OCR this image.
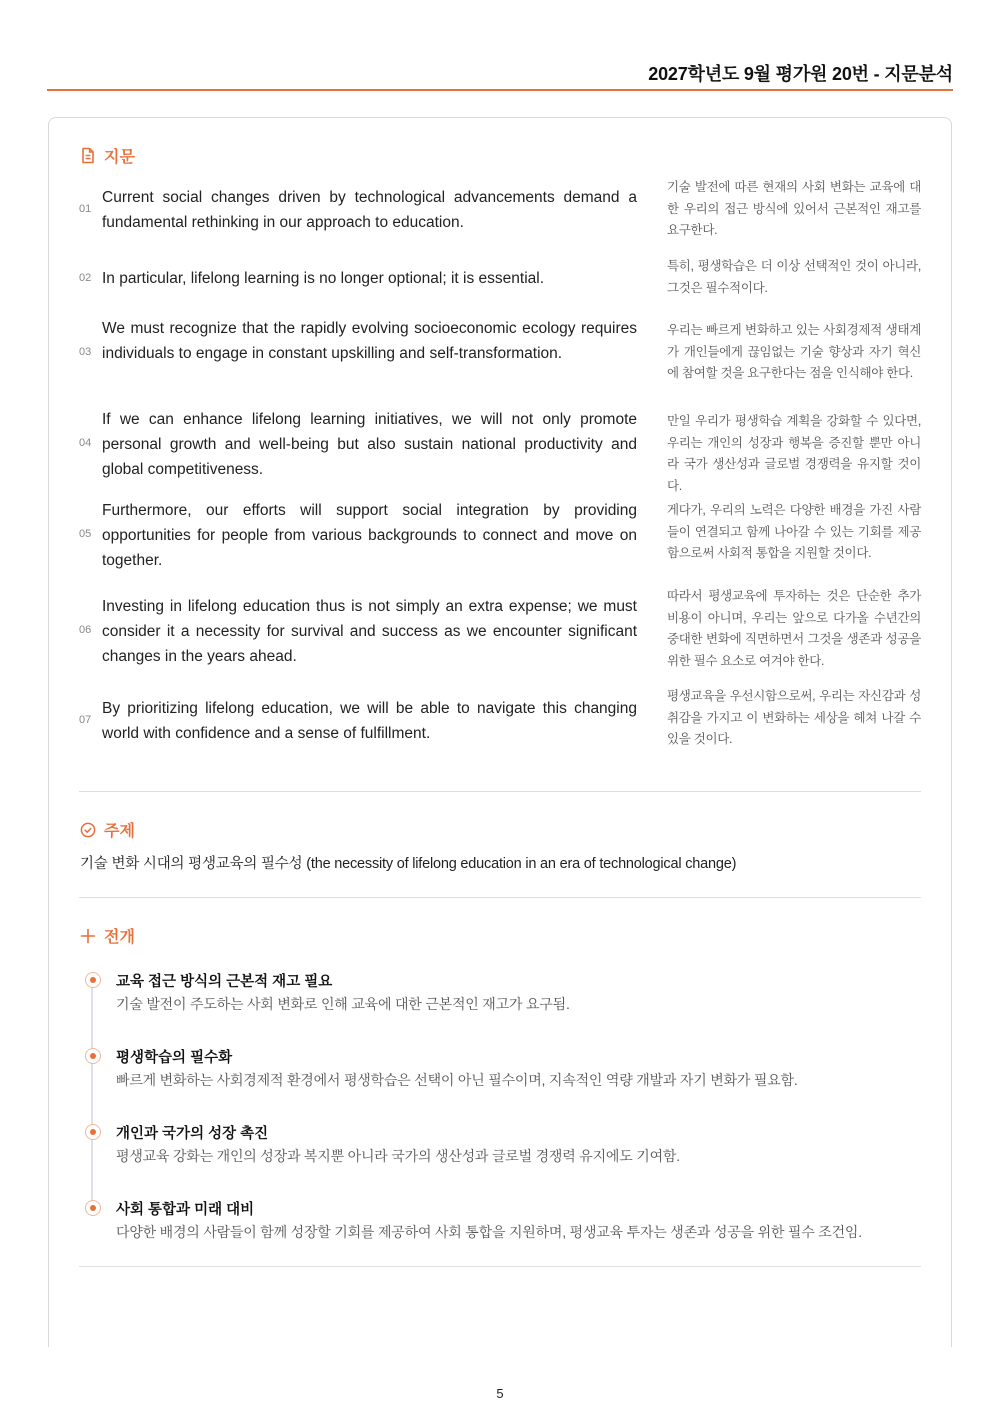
2027학년도 9월 평가원 20번 - 지문분석
지문
01
Current social changes driven by technological advancements demand a fundamental rethinking in our approach to education.
기술 발전에 따른 현재의 사회 변화는 교육에 대한 우리의 접근 방식에 있어서 근본적인 재고를 요구한다.
02 In particular, lifelong learning is no longer optional; it is essential.
특히, 평생학습은 더 이상 선택적인 것이 아니라, 그것은 필수적이다.
03
We must recognize that the rapidly evolving socioeconomic ecology requires individuals to engage in constant upskilling and self-transformation.
우리는 빠르게 변화하고 있는 사회경제적 생태계가 개인들에게 끊임없는 기술 향상과 자기 혁신에 참여할 것을 요구한다는 점을 인식해야 한다.
04
If we can enhance lifelong learning initiatives, we will not only promote personal growth and well-being but also sustain national productivity and global competitiveness.
만일 우리가 평생학습 계획을 강화할 수 있다면, 우리는 개인의 성장과 행복을 증진할 뿐만 아니라 국가 생산성과 글로벌 경쟁력을 유지할 것이다.
05
Furthermore, our efforts will support social integration by providing opportunities for people from various backgrounds to connect and move on together.
게다가, 우리의 노력은 다양한 배경을 가진 사람들이 연결되고 함께 나아갈 수 있는 기회를 제공함으로써 사회적 통합을 지원할 것이다.
06
Investing in lifelong education thus is not simply an extra expense; we must consider it a necessity for survival and success as we encounter significant changes in the years ahead.
따라서 평생교육에 투자하는 것은 단순한 추가 비용이 아니며, 우리는 앞으로 다가올 수년간의 중대한 변화에 직면하면서 그것을 생존과 성공을 위한 필수 요소로 여겨야 한다.
07
By prioritizing lifelong education, we will be able to navigate this changing world with confidence and a sense of fulfillment.
평생교육을 우선시함으로써, 우리는 자신감과 성취감을 가지고 이 변화하는 세상을 헤쳐 나갈 수 있을 것이다.
주제
기술 변화 시대의 평생교육의 필수성 (the necessity of lifelong education in an era of technological change)
전개
교육 접근 방식의 근본적 재고 필요
기술 발전이 주도하는 사회 변화로 인해 교육에 대한 근본적인 재고가 요구됨.
평생학습의 필수화
빠르게 변화하는 사회경제적 환경에서 평생학습은 선택이 아닌 필수이며, 지속적인 역량 개발과 자기 변화가 필요함.
개인과 국가의 성장 촉진
평생교육 강화는 개인의 성장과 복지뿐 아니라 국가의 생산성과 글로벌 경쟁력 유지에도 기여함.
사회 통합과 미래 대비
다양한 배경의 사람들이 함께 성장할 기회를 제공하여 사회 통합을 지원하며, 평생교육 투자는 생존과 성공을 위한 필수 조건임.
5
